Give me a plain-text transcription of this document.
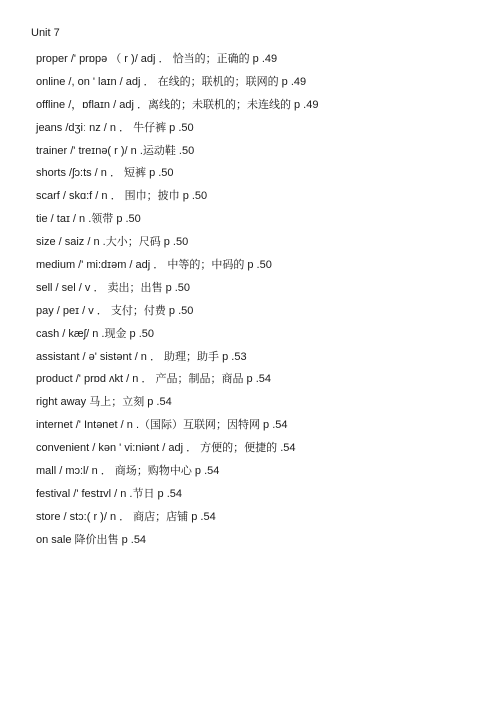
Unit 7
proper /' prɒpə （ r )/ adj ． 恰当的；正确的 p .49
online /, on ' laɪn / adj ． 在线的；联机的；联网的 p .49
offline /，ɒflaɪn / adj ．离线的；未联机的；未连线的 p .49
jeans /dʒiː nz / n ． 牛仔裤 p .50
trainer /' treɪnə( r )/ n .运动鞋 .50
shorts /ʃɔ:ts / n ． 短裤 p .50
scarf / skɑ:f / n ． 围巾；披巾 p .50
tie / taɪ / n .领带 p .50
size / saiz / n .大小；尺码 p .50
medium /' mi:dɪəm / adj ． 中等的；中码的 p .50
sell / sel / v ． 卖出；出售 p .50
pay / peɪ / v ． 支付；付费 p .50
cash / kæʃ/ n .现金 p .50
assistant / ə' sistənt / n ． 助理；助手 p .53
product /' prɒd ʌkt / n ． 产品；制品；商品 p .54
right away 马上；立刻 p .54
internet /' Intənet / n .（国际）互联网；因特网 p .54
convenient / kən ' vi:niənt / adj ． 方便的；便捷的 .54
mall / mɔ:l/ n ． 商场；购物中心 p .54
festival /' festɪvl / n .节日 p .54
store / stɔ:( r )/ n ． 商店；店铺 p .54
on sale 降价出售 p .54
